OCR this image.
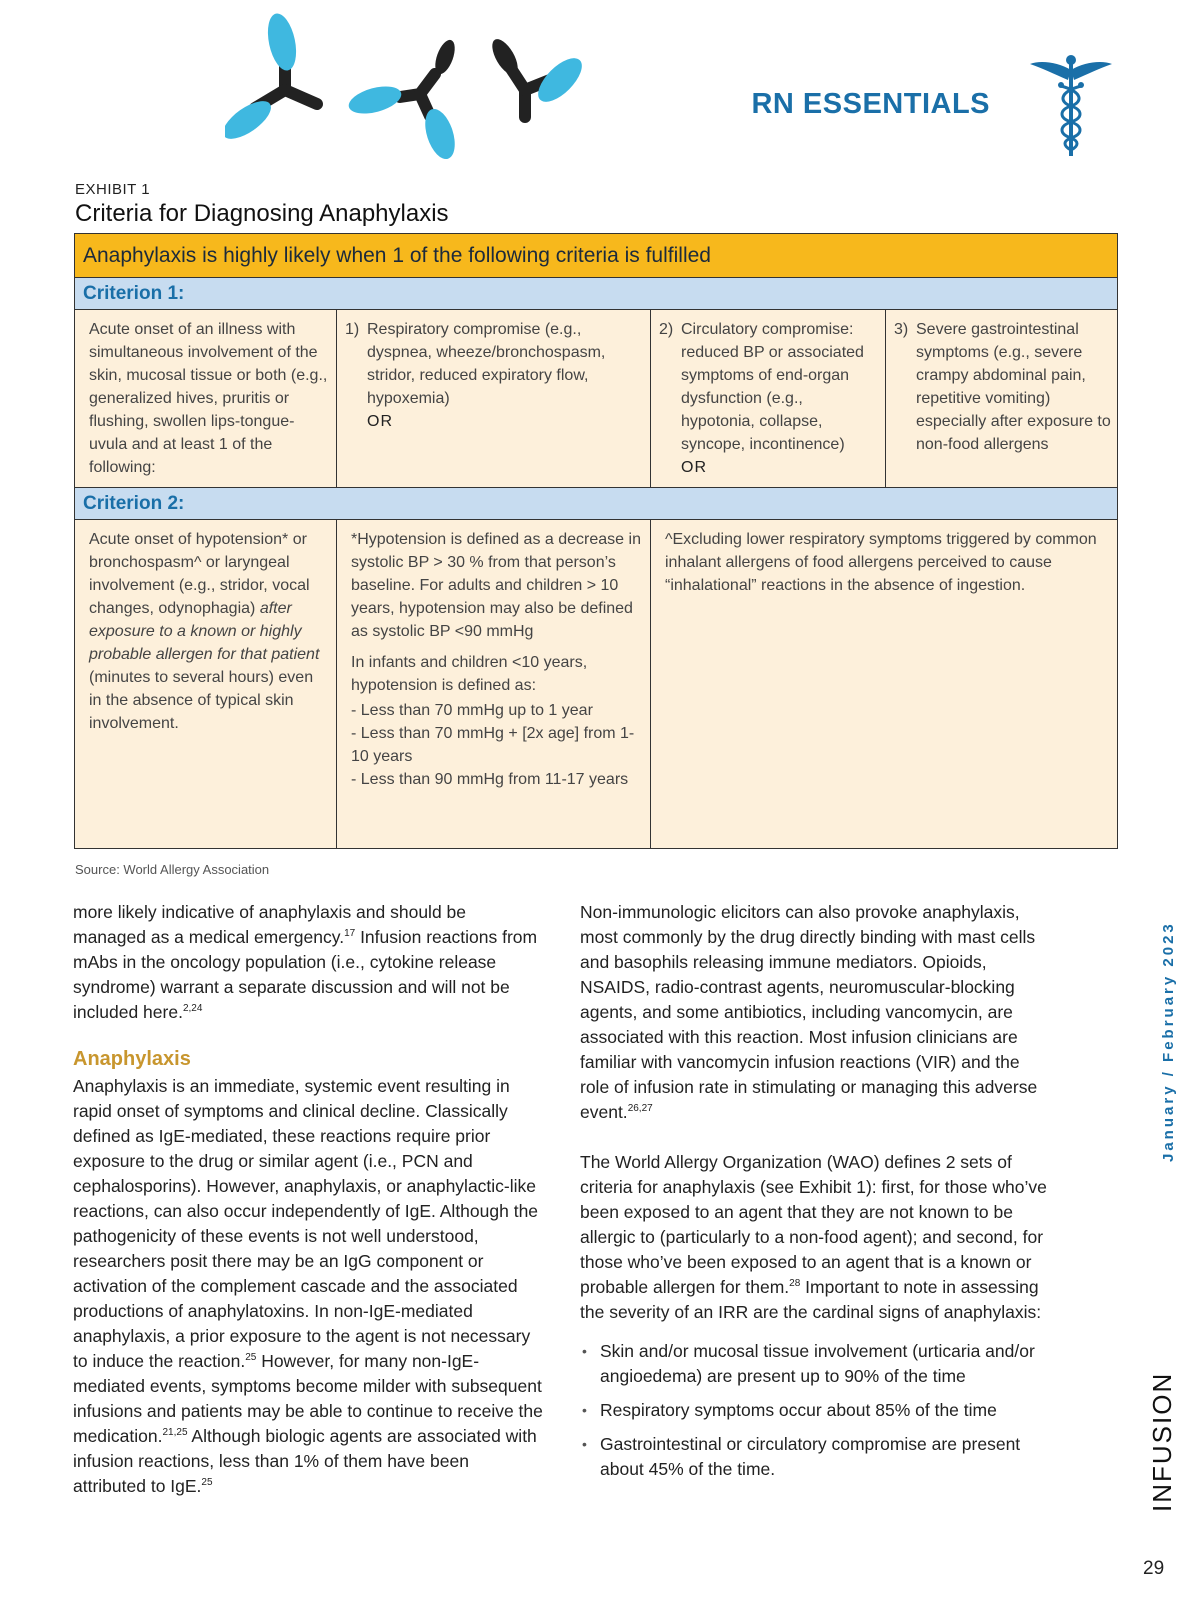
RN ESSENTIALS
EXHIBIT 1
Criteria for Diagnosing Anaphylaxis
Anaphylaxis is highly likely when 1 of the following criteria is fulfilled
Criterion 1:
Acute onset of an illness with simultaneous involvement of the skin, mucosal tissue or both (e.g., generalized hives, pruritis or flushing, swollen lips-tongue-uvula and at least 1 of the following:
1) Respiratory compromise (e.g., dyspnea, wheeze/bronchospasm, stridor, reduced expiratory flow, hypoxemia)
OR
2) Circulatory compromise: reduced BP or associated symptoms of end-organ dysfunction (e.g., hypotonia, collapse, syncope, incontinence)
OR
3) Severe gastrointestinal symptoms (e.g., severe crampy abdominal pain, repetitive vomiting) especially after exposure to non-food allergens
Criterion 2:
Acute onset of hypotension* or bronchospasm^ or laryngeal involvement (e.g., stridor, vocal changes, odynophagia) after exposure to a known or highly probable allergen for that patient (minutes to several hours) even in the absence of typical skin involvement.

*Hypotension is defined as a decrease in systolic BP > 30 % from that person’s baseline. For adults and children > 10 years, hypotension may also be defined as systolic BP <90 mmHg

In infants and children <10 years, hypotension is defined as:

- Less than 70 mmHg up to 1 year

- Less than 70 mmHg + [2x age] from 1-10 years

- Less than 90 mmHg from 11-17 years

^Excluding lower respiratory symptoms triggered by common inhalant allergens of food allergens perceived to cause “inhalational” reactions in the absence of ingestion.
Source: World Allergy Association

more likely indicative of anaphylaxis and should be managed as a medical emergency.$^{17}$ Infusion reactions from mAbs in the oncology population (i.e., cytokine release syndrome) warrant a separate discussion and will not be included here.$^{2,24}$

Anaphylaxis

Anaphylaxis is an immediate, systemic event resulting in rapid onset of symptoms and clinical decline. Classically defined as IgE-mediated, these reactions require prior exposure to the drug or similar agent (i.e., PCN and cephalosporins). However, anaphylaxis, or anaphylactic-like reactions, can also occur independently of IgE. Although the pathogenicity of these events is not well understood, researchers posit there may be an IgG component or activation of the complement cascade and the associated productions of anaphylatoxins. In non-IgE-mediated anaphylaxis, a prior exposure to the agent is not necessary to induce the reaction.$^{25}$ However, for many non-IgE-mediated events, symptoms become milder with subsequent infusions and patients may be able to continue to receive the medication.$^{21,25}$ Although biologic agents are associated with infusion reactions, less than 1% of them have been attributed to IgE.$^{25}$

Non-immunologic elicitors can also provoke anaphylaxis, most commonly by the drug directly binding with mast cells and basophils releasing immune mediators. Opioids, NSAIDS, radio-contrast agents, neuromuscular-blocking agents, and some antibiotics, including vancomycin, are associated with this reaction. Most infusion clinicians are familiar with vancomycin infusion reactions (VIR) and the role of infusion rate in stimulating or managing this adverse event.$^{26,27}$

The World Allergy Organization (WAO) defines 2 sets of criteria for anaphylaxis (see Exhibit 1): first, for those who’ve been exposed to an agent that they are not known to be allergic to (particularly to a non-food agent); and second, for those who’ve been exposed to an agent that is a known or probable allergen for them.$^{28}$ Important to note in assessing the severity of an IRR are the cardinal signs of anaphylaxis:

• Skin and/or mucosal tissue involvement (urticaria and/or angioedema) are present up to 90% of the time
• Respiratory symptoms occur about 85% of the time
• Gastrointestinal or circulatory compromise are present about 45% of the time.
January / February 2023
INFUSION
29
